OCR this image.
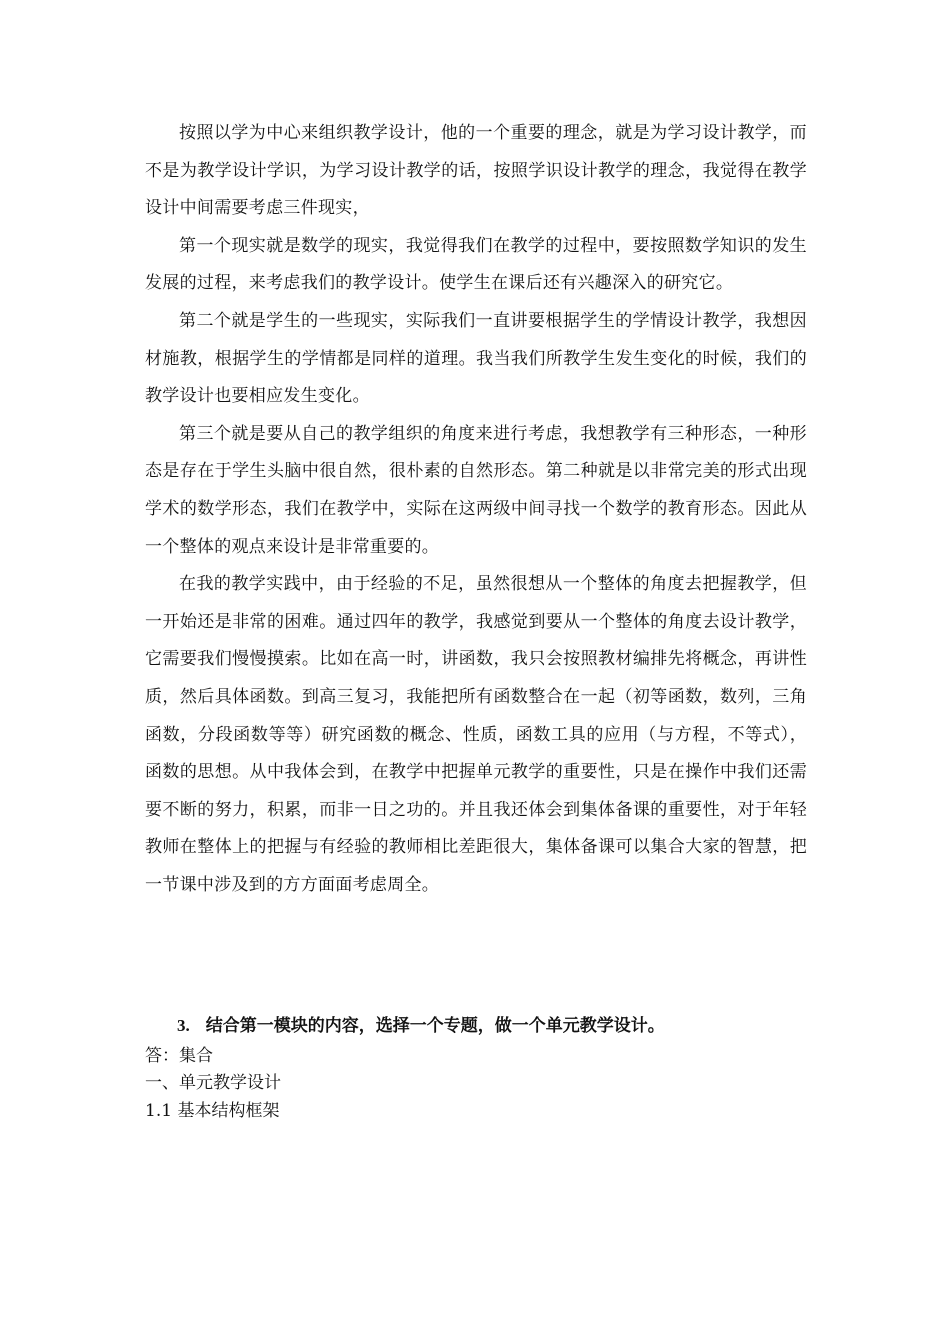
按照以学为中心来组织教学设计，他的一个重要的理念，就是为学习设计教学，而不是为教学设计学识，为学习设计教学的话，按照学识设计教学的理念，我觉得在教学设计中间需要考虑三件现实，

第一个现实就是数学的现实，我觉得我们在教学的过程中，要按照数学知识的发生发展的过程，来考虑我们的教学设计。使学生在课后还有兴趣深入的研究它。

第二个就是学生的一些现实，实际我们一直讲要根据学生的学情设计教学，我想因材施教，根据学生的学情都是同样的道理。我当我们所教学生发生变化的时候，我们的教学设计也要相应发生变化。

第三个就是要从自己的教学组织的角度来进行考虑，我想教学有三种形态，一种形态是存在于学生头脑中很自然，很朴素的自然形态。第二种就是以非常完美的形式出现学术的数学形态，我们在教学中，实际在这两级中间寻找一个数学的教育形态。因此从一个整体的观点来设计是非常重要的。

在我的教学实践中，由于经验的不足，虽然很想从一个整体的角度去把握教学，但一开始还是非常的困难。通过四年的教学，我感觉到要从一个整体的角度去设计教学，它需要我们慢慢摸索。比如在高一时，讲函数，我只会按照教材编排先将概念，再讲性质，然后具体函数。到高三复习，我能把所有函数整合在一起（初等函数，数列，三角函数，分段函数等等）研究函数的概念、性质，函数工具的应用（与方程，不等式），函数的思想。从中我体会到，在教学中把握单元教学的重要性，只是在操作中我们还需要不断的努力，积累，而非一日之功的。并且我还体会到集体备课的重要性，对于年轻教师在整体上的把握与有经验的教师相比差距很大，集体备课可以集合大家的智慧，把一节课中涉及到的方方面面考虑周全。

3. 结合第一模块的内容，选择一个专题，做一个单元教学设计。
答：集合
一、单元教学设计
1.1 基本结构框架
